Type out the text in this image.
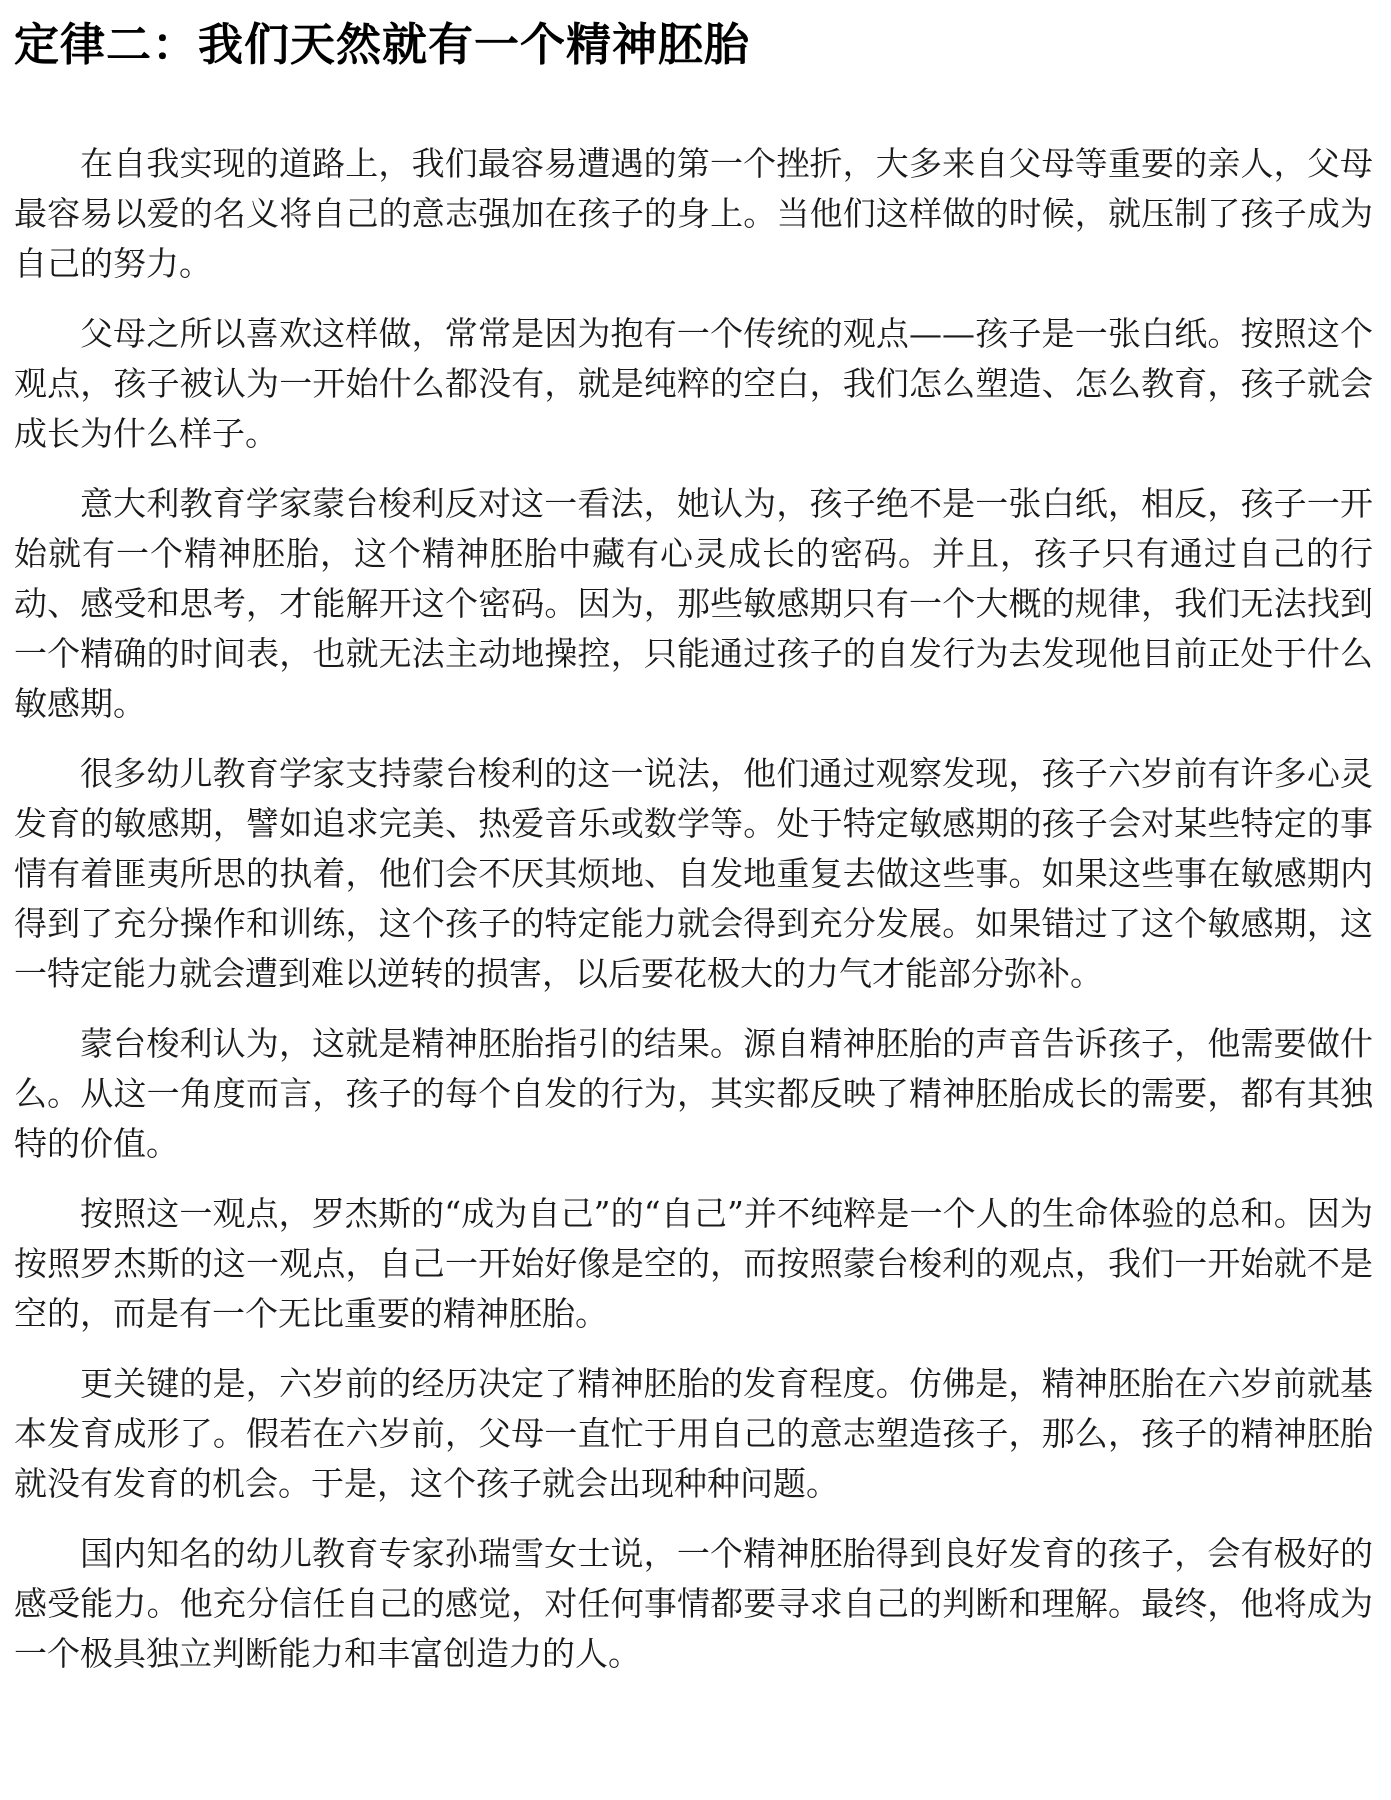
定律二：我们天然就有一个精神胚胎

在自我实现的道路上，我们最容易遭遇的第一个挫折，大多来自父母等重要的亲人，父母最容易以爱的名义将自己的意志强加在孩子的身上。当他们这样做的时候，就压制了孩子成为自己的努力。

父母之所以喜欢这样做，常常是因为抱有一个传统的观点——孩子是一张白纸。按照这个观点，孩子被认为一开始什么都没有，就是纯粹的空白，我们怎么塑造、怎么教育，孩子就会成长为什么样子。

意大利教育学家蒙台梭利反对这一看法，她认为，孩子绝不是一张白纸，相反，孩子一开始就有一个精神胚胎，这个精神胚胎中藏有心灵成长的密码。并且，孩子只有通过自己的行动、感受和思考，才能解开这个密码。因为，那些敏感期只有一个大概的规律，我们无法找到一个精确的时间表，也就无法主动地操控，只能通过孩子的自发行为去发现他目前正处于什么敏感期。

很多幼儿教育学家支持蒙台梭利的这一说法，他们通过观察发现，孩子六岁前有许多心灵发育的敏感期，譬如追求完美、热爱音乐或数学等。处于特定敏感期的孩子会对某些特定的事情有着匪夷所思的执着，他们会不厌其烦地、自发地重复去做这些事。如果这些事在敏感期内得到了充分操作和训练，这个孩子的特定能力就会得到充分发展。如果错过了这个敏感期，这一特定能力就会遭到难以逆转的损害，以后要花极大的力气才能部分弥补。

蒙台梭利认为，这就是精神胚胎指引的结果。源自精神胚胎的声音告诉孩子，他需要做什么。从这一角度而言，孩子的每个自发的行为，其实都反映了精神胚胎成长的需要，都有其独特的价值。

按照这一观点，罗杰斯的“成为自己”的“自己”并不纯粹是一个人的生命体验的总和。因为按照罗杰斯的这一观点，自己一开始好像是空的，而按照蒙台梭利的观点，我们一开始就不是空的，而是有一个无比重要的精神胚胎。

更关键的是，六岁前的经历决定了精神胚胎的发育程度。仿佛是，精神胚胎在六岁前就基本发育成形了。假若在六岁前，父母一直忙于用自己的意志塑造孩子，那么，孩子的精神胚胎就没有发育的机会。于是，这个孩子就会出现种种问题。

国内知名的幼儿教育专家孙瑞雪女士说，一个精神胚胎得到良好发育的孩子，会有极好的感受能力。他充分信任自己的感觉，对任何事情都要寻求自己的判断和理解。最终，他将成为一个极具独立判断能力和丰富创造力的人。
